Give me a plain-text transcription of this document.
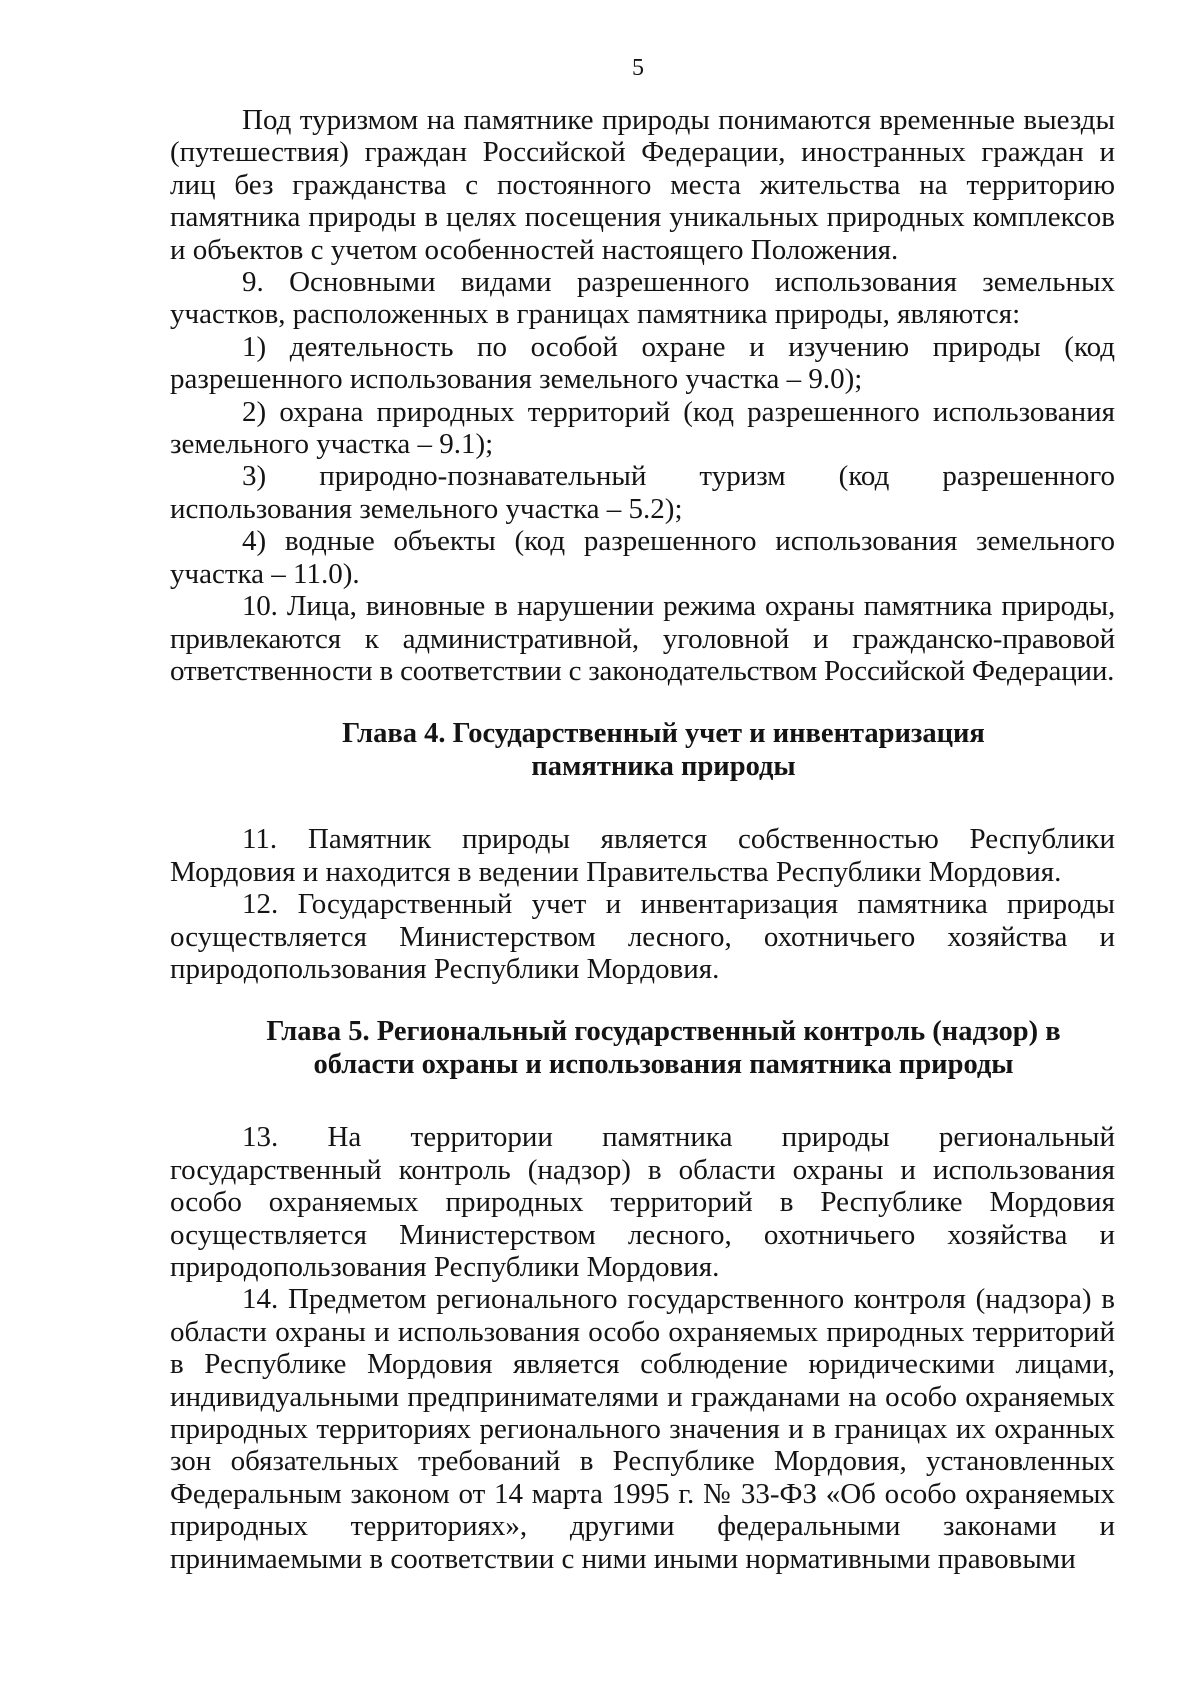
5

Под туризмом на памятнике природы понимаются временные выезды (путешествия) граждан Российской Федерации, иностранных граждан и лиц без гражданства с постоянного места жительства на территорию памятника природы в целях посещения уникальных природных комплексов и объектов с учетом особенностей настоящего Положения.

9. Основными видами разрешенного использования земельных участков, расположенных в границах памятника природы, являются:

1) деятельность по особой охране и изучению природы (код разрешенного использования земельного участка – 9.0);

2) охрана природных территорий (код разрешенного использования земельного участка – 9.1);

3) природно-познавательный туризм (код разрешенного использования земельного участка – 5.2);

4) водные объекты (код разрешенного использования земельного участка – 11.0).

10. Лица, виновные в нарушении режима охраны памятника природы, привлекаются к административной, уголовной и гражданско-правовой ответственности в соответствии с законодательством Российской Федерации.

Глава 4. Государственный учет и инвентаризация
памятника природы

11. Памятник природы является собственностью Республики Мордовия и находится в ведении Правительства Республики Мордовия.

12. Государственный учет и инвентаризация памятника природы осуществляется Министерством лесного, охотничьего хозяйства и природопользования Республики Мордовия.

Глава 5. Региональный государственный контроль (надзор) в
области охраны и использования памятника природы

13. На территории памятника природы региональный государственный контроль (надзор) в области охраны и использования особо охраняемых природных территорий в Республике Мордовия осуществляется Министерством лесного, охотничьего хозяйства и природопользования Республики Мордовия.

14. Предметом регионального государственного контроля (надзора) в области охраны и использования особо охраняемых природных территорий в Республике Мордовия является соблюдение юридическими лицами, индивидуальными предпринимателями и гражданами на особо охраняемых природных территориях регионального значения и в границах их охранных зон обязательных требований в Республике Мордовия, установленных Федеральным законом от 14 марта 1995 г. № 33-ФЗ «Об особо охраняемых природных территориях», другими федеральными законами и принимаемыми в соответствии с ними иными нормативными правовыми
